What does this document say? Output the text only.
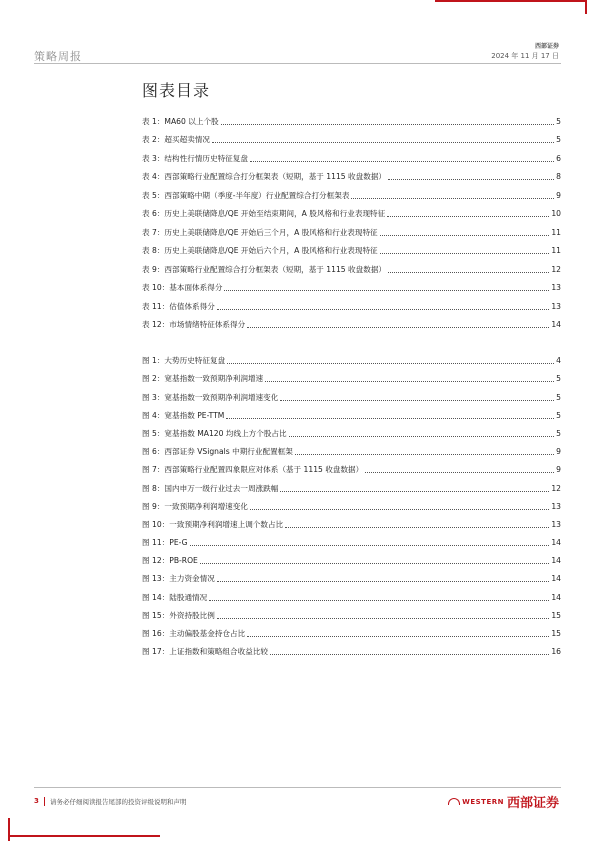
策略周报
西部证券
2024 年 11 月 17 日
图表目录
表 1：MA60 以上个股	5
表 2：超买超卖情况	5
表 3：结构性行情历史特征复盘	6
表 4：西部策略行业配置综合打分框架表（短期，基于 1115 收盘数据）	8
表 5：西部策略中期（季度-半年度）行业配置综合打分框架表	9
表 6：历史上美联储降息/QE 开始至结束期间，A 股风格和行业表现特征	10
表 7：历史上美联储降息/QE 开始后三个月，A 股风格和行业表现特征	11
表 8：历史上美联储降息/QE 开始后六个月，A 股风格和行业表现特征	11
表 9：西部策略行业配置综合打分框架表（短期，基于 1115 收盘数据）	12
表 10：基本面体系得分	13
表 11：估值体系得分	13
表 12：市场情绪特征体系得分	14
图 1：大势历史特征复盘	4
图 2：宽基指数一致预期净利润增速	5
图 3：宽基指数一致预期净利润增速变化	5
图 4：宽基指数 PE-TTM	5
图 5：宽基指数 MA120 均线上方个股占比	5
图 6：西部证券 VSignals 中期行业配置框架	9
图 7：西部策略行业配置四象限应对体系（基于 1115 收盘数据）	9
图 8：国内申万一级行业过去一周涨跌幅	12
图 9：一致预期净利润增速变化	13
图 10：一致预期净利润增速上调个数占比	13
图 11：PE-G	14
图 12：PB-ROE	14
图 13：主力资金情况	14
图 14：陆股通情况	14
图 15：外资持股比例	15
图 16：主动偏股基金持仓占比	15
图 17：上证指数和策略组合收益比较	16
3 请务必仔细阅读报告尾部的投资评级说明和声明	WESTERN 西部证券
